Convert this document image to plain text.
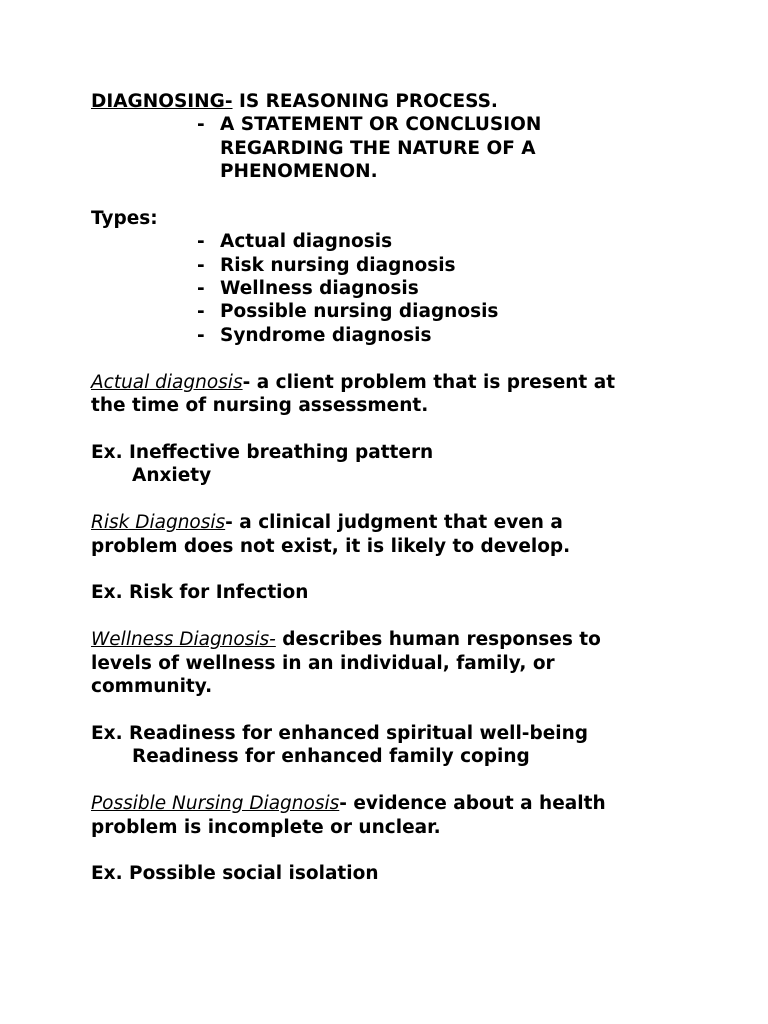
DIAGNOSING- IS REASONING PROCESS.
- A STATEMENT OR CONCLUSION
REGARDING THE NATURE OF A
PHENOMENON.
Types:
- Actual diagnosis
- Risk nursing diagnosis
- Wellness diagnosis
- Possible nursing diagnosis
- Syndrome diagnosis
Actual diagnosis- a client problem that is present at
the time of nursing assessment.
Ex. Ineffective breathing pattern
Anxiety
Risk Diagnosis- a clinical judgment that even a
problem does not exist, it is likely to develop.
Ex. Risk for Infection
Wellness Diagnosis- describes human responses to
levels of wellness in an individual, family, or
community.
Ex. Readiness for enhanced spiritual well-being
Readiness for enhanced family coping
Possible Nursing Diagnosis- evidence about a health
problem is incomplete or unclear.
Ex. Possible social isolation
